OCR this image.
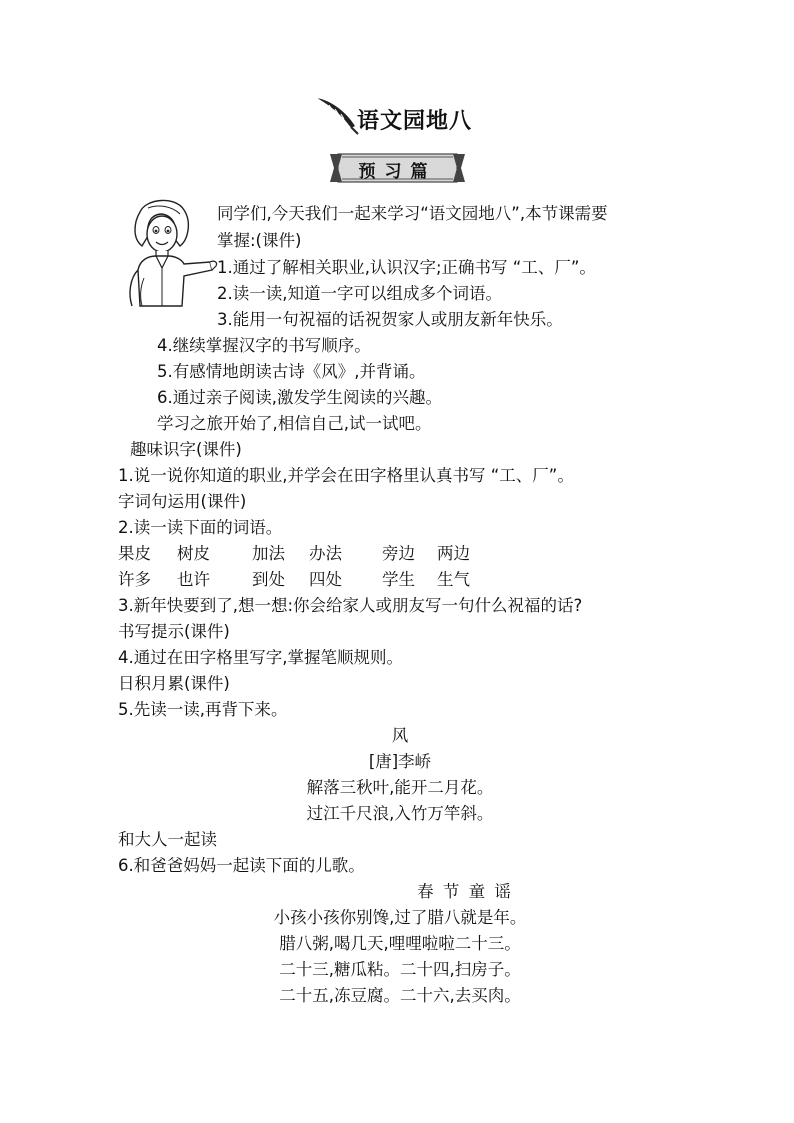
语文园地八
预习篇
同学们,今天我们一起来学习“语文园地八”,本节课需要
掌握:(课件)
1.通过了解相关职业,认识汉字;正确书写 “工、厂”。
2.读一读,知道一字可以组成多个词语。
3.能用一句祝福的话祝贺家人或朋友新年快乐。
4.继续掌握汉字的书写顺序。
5.有感情地朗读古诗《风》,并背诵。
6.通过亲子阅读,激发学生阅读的兴趣。
学习之旅开始了,相信自己,试一试吧。
趣味识字(课件)
1.说一说你知道的职业,并学会在田字格里认真书写 “工、厂”。
字词句运用(课件)
2.读一读下面的词语。
果皮 树皮	加法 办法 旁边 两边
许多 也许	到处 四处 学生 生气
3.新年快要到了,想一想:你会给家人或朋友写一句什么祝福的话?
书写提示(课件)
4.通过在田字格里写字,掌握笔顺规则。
日积月累(课件)
5.先读一读,再背下来。
风
[唐]李峤
解落三秋叶,能开二月花。
过江千尺浪,入竹万竿斜。
和大人一起读
6.和爸爸妈妈一起读下面的儿歌。
春 节 童 谣
小孩小孩你别馋,过了腊八就是年。
腊八粥,喝几天,哩哩啦啦二十三。
二十三,糖瓜粘。二十四,扫房子。
二十五,冻豆腐。二十六,去买肉。
